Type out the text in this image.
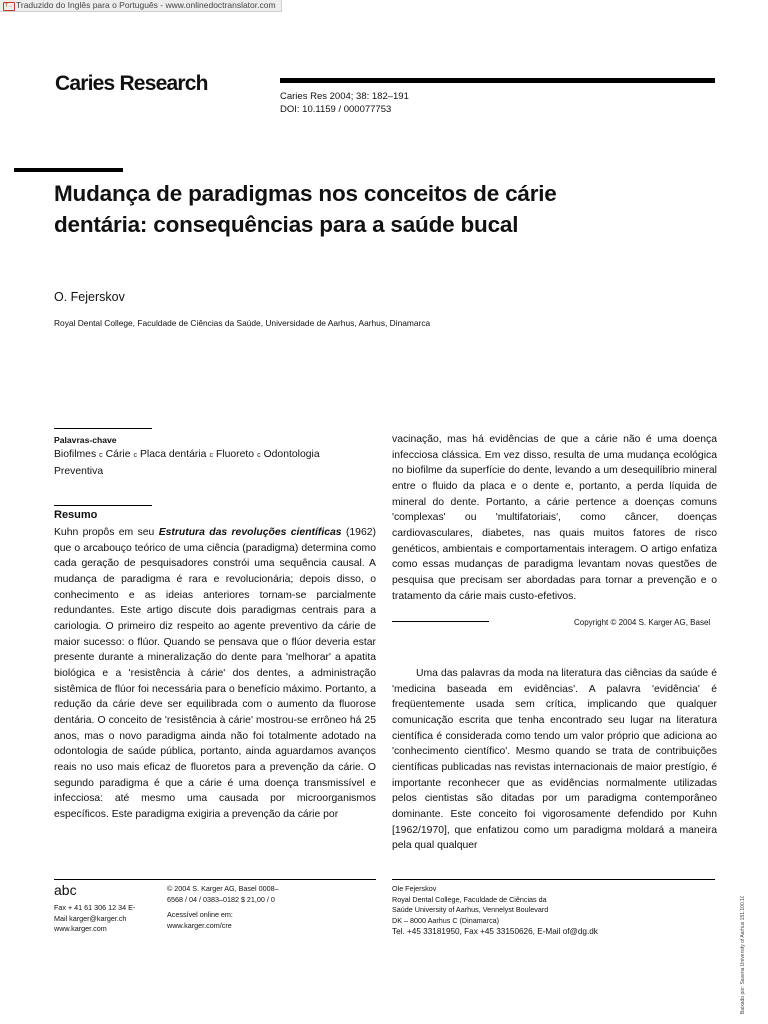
T→ Traduzido do Inglês para o Português - www.onlinedoctranslator.com
Caries Research
Caries Res 2004; 38: 182–191
DOI: 10.1159 / 000077753
Mudança de paradigmas nos conceitos de cárie dentária: consequências para a saúde bucal
O. Fejerskov
Royal Dental College, Faculdade de Ciências da Saúde, Universidade de Aarhus, Aarhus, Dinamarca
Palavras-chave
Biofilmes c Cárie c Placa dentária c Fluoreto c Odontologia Preventiva
Resumo

Kuhn propôs em seu Estrutura das revoluções científicas (1962) que o arcabouço teórico de uma ciência (paradigma) determina como cada geração de pesquisadores constrói uma sequência causal. A mudança de paradigma é rara e revolucionária; depois disso, o conhecimento e as ideias anteriores tornam-se parcialmente redundantes. Este artigo discute dois paradigmas centrais para a cariologia. O primeiro diz respeito ao agente preventivo da cárie de maior sucesso: o flúor. Quando se pensava que o flúor deveria estar presente durante a mineralização do dente para 'melhorar' a apatita biológica e a 'resistência à cárie' dos dentes, a administração sistêmica de flúor foi necessária para o benefício máximo. Portanto, a redução da cárie deve ser equilibrada com o aumento da fluorose dentária. O conceito de 'resistência à cárie' mostrou-se errôneo há 25 anos, mas o novo paradigma ainda não foi totalmente adotado na odontologia de saúde pública, portanto, ainda aguardamos avanços reais no uso mais eficaz de fluoretos para a prevenção da cárie. O segundo paradigma é que a cárie é uma doença transmissível e infecciosa: até mesmo uma causada por microorganismos específicos. Este paradigma exigiria a prevenção da cárie por

vacinação, mas há evidências de que a cárie não é uma doença infecciosa clássica. Em vez disso, resulta de uma mudança ecológica no biofilme da superfície do dente, levando a um desequilíbrio mineral entre o fluido da placa e o dente e, portanto, a perda líquida de mineral do dente. Portanto, a cárie pertence a doenças comuns 'complexas' ou 'multifatoriais', como câncer, doenças cardiovasculares, diabetes, nas quais muitos fatores de risco genéticos, ambientais e comportamentais interagem. O artigo enfatiza como essas mudanças de paradigma levantam novas questões de pesquisa que precisam ser abordadas para tornar a prevenção e o tratamento da cárie mais custo-efetivos.

Copyright © 2004 S. Karger AG, Basel

Uma das palavras da moda na literatura das ciências da saúde é 'medicina baseada em evidências'. A palavra 'evidência' é freqüentemente usada sem crítica, implicando que qualquer comunicação escrita que tenha encontrado seu lugar na literatura científica é considerada como tendo um valor próprio que adiciona ao 'conhecimento científico'. Mesmo quando se trata de contribuições científicas publicadas nas revistas internacionais de maior prestígio, é importante reconhecer que as evidências normalmente utilizadas pelos cientistas são ditadas por um paradigma contemporâneo dominante. Este conceito foi vigorosamente defendido por Kuhn [1962/1970], que enfatizou como um paradigma moldará a maneira pela qual qualquer

abc
Fax + 41 61 306 12 34 E-Mail karger@karger.ch
www.karger.com
© 2004 S. Karger AG, Basel 0008–6568 / 04 / 0383–0182 $ 21,00 / 0
Acessível online em:
www.karger.com/cre
Ole Fejerskov
Royal Dental College, Faculdade de Ciências da Saúde University of Aarhus, Vennelyst Boulevard
DK – 8000 Aarhus C (Dinamarca)
Tel. +45 33181950, Fax +45 33150626, E-Mail of@dg.dk	Baixado por: Saxena University of Aarhus 151.100.101.136 – 2/24/2016 18:09:20
